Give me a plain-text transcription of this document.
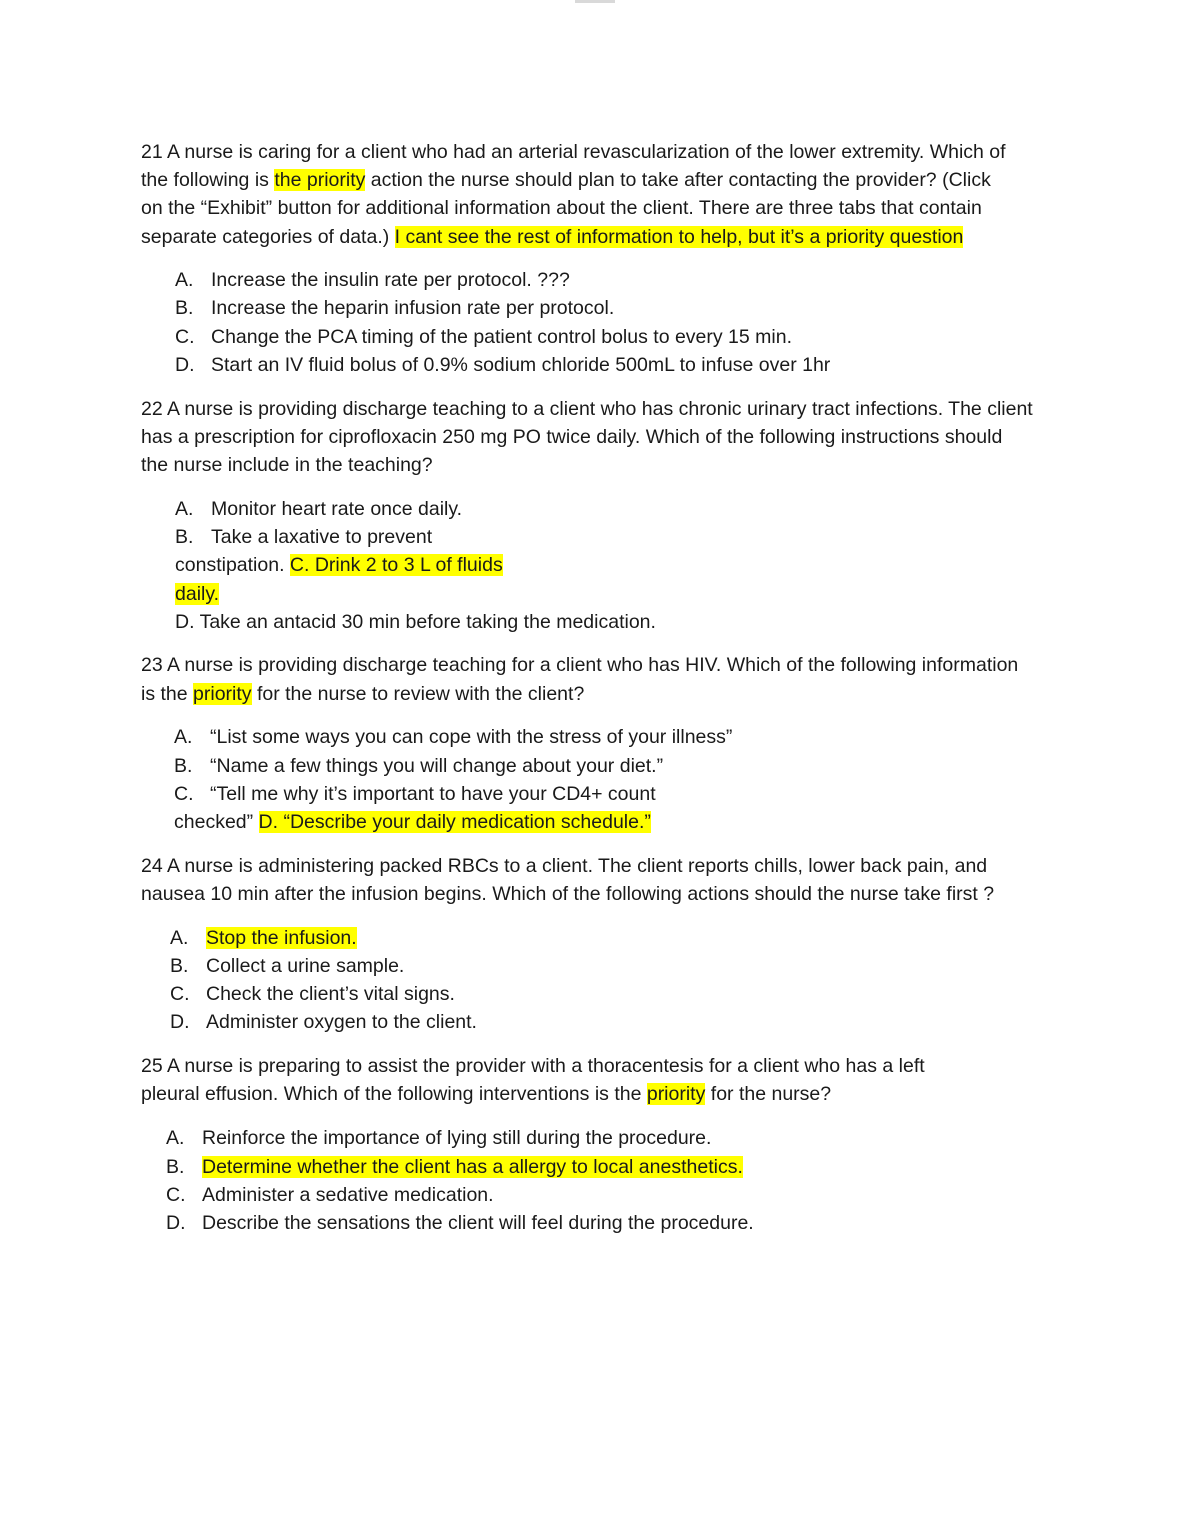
21 A nurse is caring for a client who had an arterial revascularization of the lower extremity. Which of
the following is the priority action the nurse should plan to take after contacting the provider? (Click
on the “Exhibit” button for additional information about the client. There are three tabs that contain
separate categories of data.) I cant see the rest of information to help, but it’s a priority question
A. Increase the insulin rate per protocol. ???
B. Increase the heparin infusion rate per protocol.
C. Change the PCA timing of the patient control bolus to every 15 min.
D. Start an IV fluid bolus of 0.9% sodium chloride 500mL to infuse over 1hr
22 A nurse is providing discharge teaching to a client who has chronic urinary tract infections. The client
has a prescription for ciprofloxacin 250 mg PO twice daily. Which of the following instructions should
the nurse include in the teaching?
A. Monitor heart rate once daily.
B. Take a laxative to prevent
constipation. C. Drink 2 to 3 L of fluids
daily.
D. Take an antacid 30 min before taking the medication.
23 A nurse is providing discharge teaching for a client who has HIV. Which of the following information
is the priority for the nurse to review with the client?
A. “List some ways you can cope with the stress of your illness”
B. “Name a few things you will change about your diet.”
C. “Tell me why it’s important to have your CD4+ count
checked” D. “Describe your daily medication schedule.”
24 A nurse is administering packed RBCs to a client. The client reports chills, lower back pain, and
nausea 10 min after the infusion begins. Which of the following actions should the nurse take first ?
A. Stop the infusion.
B. Collect a urine sample.
C. Check the client’s vital signs.
D. Administer oxygen to the client.
25 A nurse is preparing to assist the provider with a thoracentesis for a client who has a left
pleural effusion. Which of the following interventions is the priority for the nurse?
A. Reinforce the importance of lying still during the procedure.
B. Determine whether the client has a allergy to local anesthetics.
C. Administer a sedative medication.
D. Describe the sensations the client will feel during the procedure.
